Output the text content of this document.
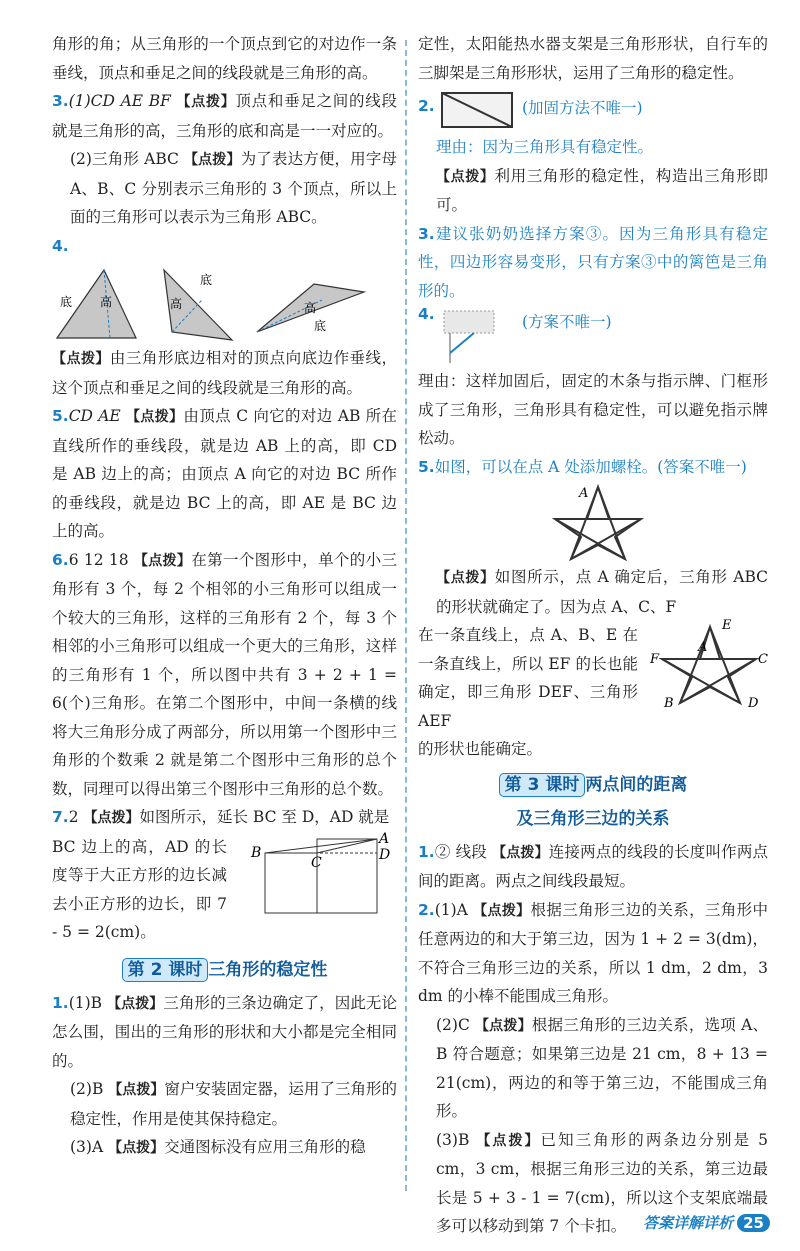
角形的角；从三角形的一个顶点到它的对边作一条垂线，顶点和垂足之间的线段就是三角形的高。

3.(1)CD AE BF 【点拨】顶点和垂足之间的线段就是三角形的高，三角形的底和高是一一对应的。

(2)三角形 ABC 【点拨】为了表达方便，用字母 A、B、C 分别表示三角形的 3 个顶点，所以上面的三角形可以表示为三角形 ABC。

4.

底 高
底
高	高
底

【点拨】由三角形底边相对的顶点向底边作垂线，这个顶点和垂足之间的线段就是三角形的高。

5.CD AE 【点拨】由顶点 C 向它的对边 AB 所在直线所作的垂线段，就是边 AB 上的高，即 CD 是 AB 边上的高；由顶点 A 向它的对边 BC 所作的垂线段，就是边 BC 上的高，即 AE 是 BC 边上的高。

6.6 12 18 【点拨】在第一个图形中，单个的小三角形有 3 个，每 2 个相邻的小三角形可以组成一个较大的三角形，这样的三角形有 2 个，每 3 个相邻的小三角形可以组成一个更大的三角形，这样的三角形有 1 个，所以图中共有 3 + 2 + 1 = 6(个)三角形。在第二个图形中，中间一条横的线将大三角形分成了两部分，所以用第一个图形中三角形的个数乘 2 就是第二个图形中三角形的总个数，同理可以得出第三个图形中三角形的总个数。

7.2 【点拨】如图所示，延长 BC 至 D，AD 就是

BC 边上的高，AD 的长度等于大正方形的边长减去小正方形的边长，即 7 - 5 = 2(cm)。

A
B
C	D
第 2 课时 三角形的稳定性

1.(1)B 【点拨】三角形的三条边确定了，因此无论怎么围，围出的三角形的形状和大小都是完全相同的。

(2)B 【点拨】窗户安装固定器，运用了三角形的稳定性，作用是使其保持稳定。

(3)A 【点拨】交通图标没有应用三角形的稳

定性，太阳能热水器支架是三角形形状，自行车的三脚架是三角形形状，运用了三角形的稳定性。

2.	(加固方法不唯一)

理由：因为三角形具有稳定性。

【点拨】利用三角形的稳定性，构造出三角形即可。

3.建议张奶奶选择方案③。因为三角形具有稳定性，四边形容易变形，只有方案③中的篱笆是三角形的。

4.	(方案不唯一)

理由：这样加固后，固定的木条与指示牌、门框形成了三角形，三角形具有稳定性，可以避免指示牌松动。

5.如图，可以在点 A 处添加螺栓。(答案不唯一)

A

【点拨】如图所示，点 A 确定后，三角形 ABC 的形状就确定了。因为点 A、C、F

在一条直线上，点 A、B、E 在一条直线上，所以 EF 的长也能确定，即三角形 DEF、三角形 AEF

E
A
F	C
B	D

的形状也能确定。

第 3 课时 两点间的距离
及三角形三边的关系

1.② 线段 【点拨】连接两点的线段的长度叫作两点间的距离。两点之间线段最短。

2.(1)A 【点拨】根据三角形三边的关系，三角形中任意两边的和大于第三边，因为 1 + 2 = 3(dm)，不符合三角形三边的关系，所以 1 dm，2 dm，3 dm 的小棒不能围成三角形。

(2)C 【点拨】根据三角形的三边关系，选项 A、B 符合题意；如果第三边是 21 cm，8 + 13 = 21(cm)，两边的和等于第三边，不能围成三角形。

(3)B 【点拨】已知三角形的两条边分别是 5 cm，3 cm，根据三角形三边的关系，第三边最长是 5 + 3 - 1 = 7(cm)，所以这个支架底端最多可以移动到第 7 个卡扣。	答案详解详析 25
